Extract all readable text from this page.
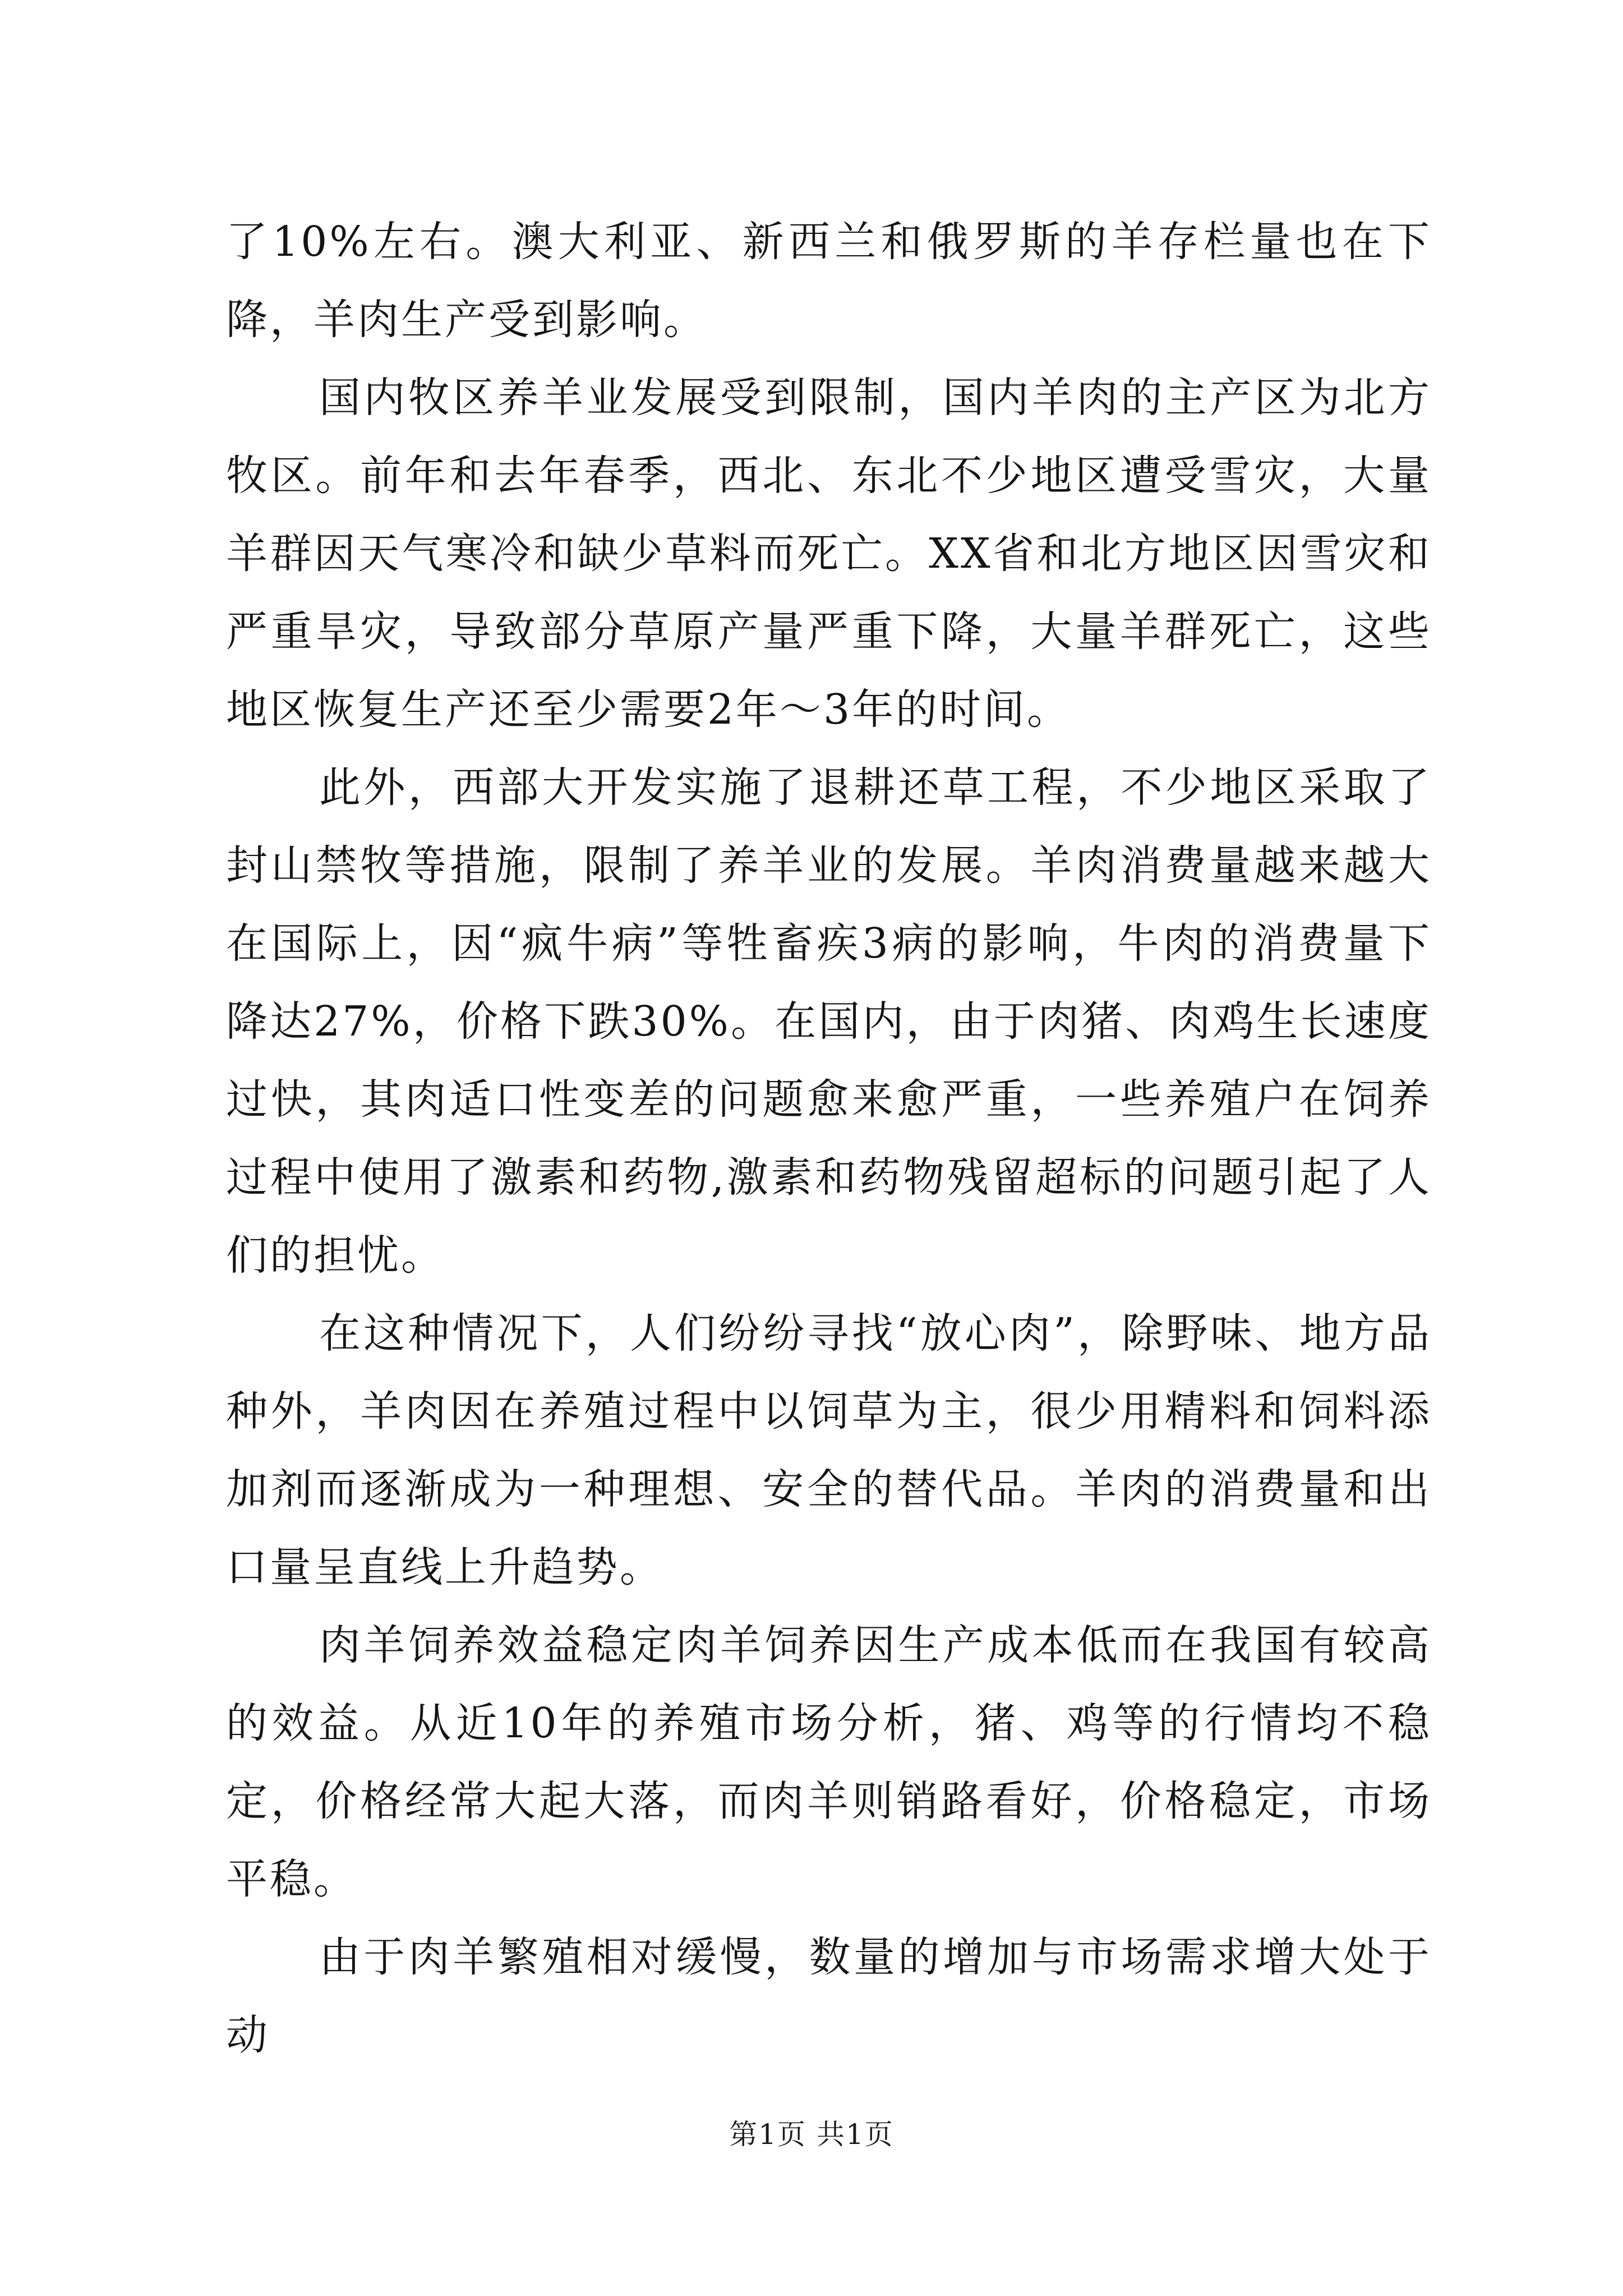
了10%左右。澳大利亚、新西兰和俄罗斯的羊存栏量也在下降，羊肉生产受到影响。

国内牧区养羊业发展受到限制，国内羊肉的主产区为北方牧区。前年和去年春季，西北、东北不少地区遭受雪灾，大量羊群因天气寒冷和缺少草料而死亡。XX省和北方地区因雪灾和严重旱灾，导致部分草原产量严重下降，大量羊群死亡，这些地区恢复生产还至少需要2年～3年的时间。

此外，西部大开发实施了退耕还草工程，不少地区采取了封山禁牧等措施，限制了养羊业的发展。羊肉消费量越来越大在国际上，因“疯牛病”等牲畜疾3病的影响，牛肉的消费量下降达27%，价格下跌30%。在国内，由于肉猪、肉鸡生长速度过快，其肉适口性变差的问题愈来愈严重，一些养殖户在饲养过程中使用了激素和药物,激素和药物残留超标的问题引起了人们的担忧。

在这种情况下，人们纷纷寻找“放心肉”，除野味、地方品种外，羊肉因在养殖过程中以饲草为主，很少用精料和饲料添加剂而逐渐成为一种理想、安全的替代品。羊肉的消费量和出口量呈直线上升趋势。

肉羊饲养效益稳定肉羊饲养因生产成本低而在我国有较高的效益。从近10年的养殖市场分析，猪、鸡等的行情均不稳定，价格经常大起大落，而肉羊则销路看好，价格稳定，市场平稳。

由于肉羊繁殖相对缓慢，数量的增加与市场需求增大处于动

第1页 共1页
